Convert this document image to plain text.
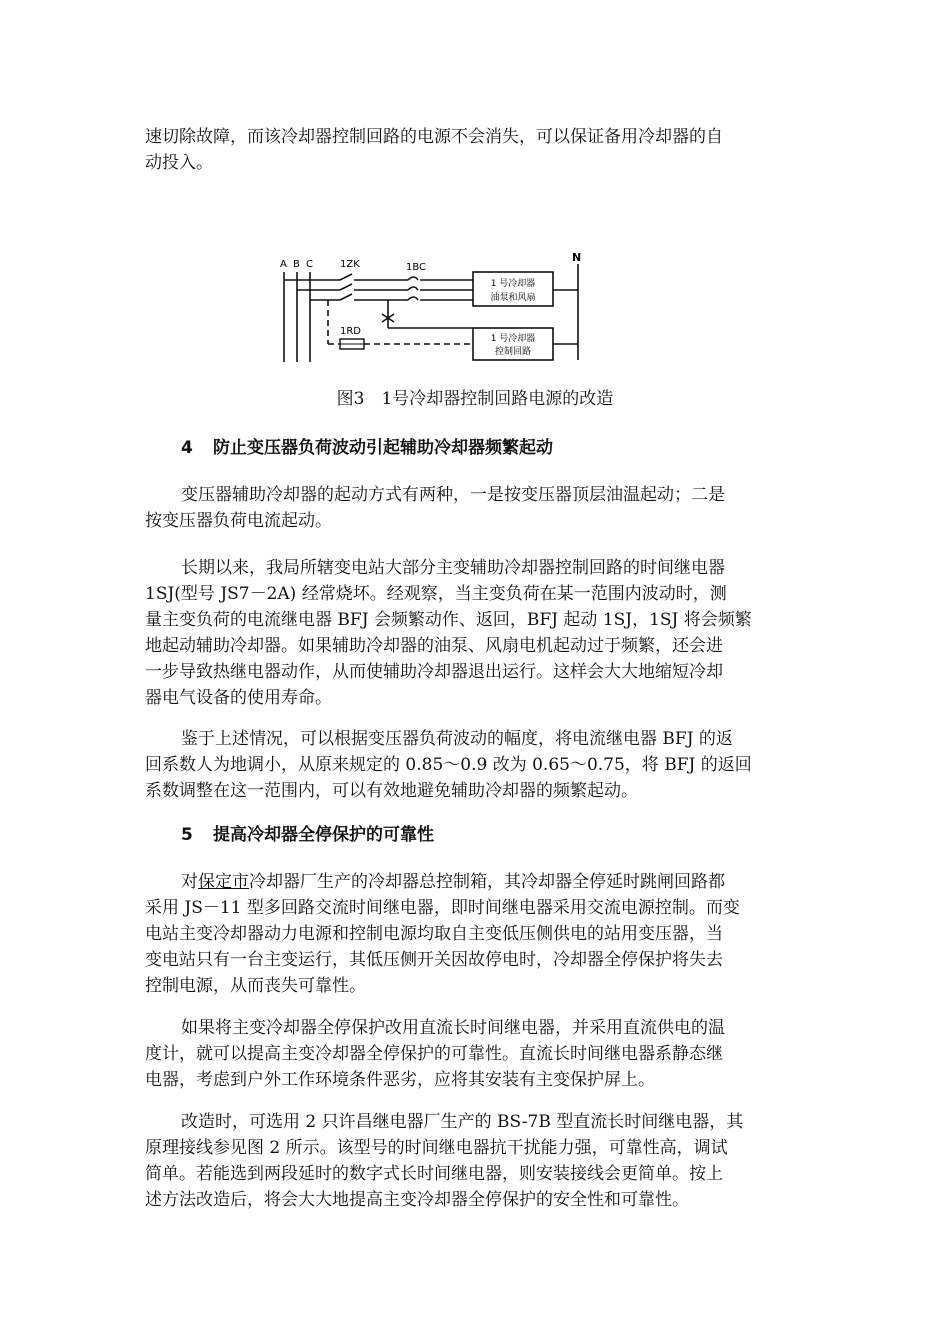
速切除故障，而该冷却器控制回路的电源不会消失，可以保证备用冷却器的自
动投入。

A B C	1ZK	1BC
N
1RD
1 号冷却器
油泵和风扇
1 号冷却器
控制回路
图3　1号冷却器控制回路电源的改造
4 防止变压器负荷波动引起辅助冷却器频繁起动

变压器辅助冷却器的起动方式有两种，一是按变压器顶层油温起动；二是
按变压器负荷电流起动。

长期以来，我局所辖变电站大部分主变辅助冷却器控制回路的时间继电器
1SJ(型号 JS7－2A) 经常烧坏。经观察，当主变负荷在某一范围内波动时，测
量主变负荷的电流继电器 BFJ 会频繁动作、返回，BFJ 起动 1SJ，1SJ 将会频繁
地起动辅助冷却器。如果辅助冷却器的油泵、风扇电机起动过于频繁，还会进
一步导致热继电器动作，从而使辅助冷却器退出运行。这样会大大地缩短冷却
器电气设备的使用寿命。

鉴于上述情况，可以根据变压器负荷波动的幅度，将电流继电器 BFJ 的返
回系数人为地调小，从原来规定的 0.85～0.9 改为 0.65～0.75，将 BFJ 的返回
系数调整在这一范围内，可以有效地避免辅助冷却器的频繁起动。

5 提高冷却器全停保护的可靠性

对保定市冷却器厂生产的冷却器总控制箱，其冷却器全停延时跳闸回路都
采用 JS－11 型多回路交流时间继电器，即时间继电器采用交流电源控制。而变
电站主变冷却器动力电源和控制电源均取自主变低压侧供电的站用变压器，当
变电站只有一台主变运行，其低压侧开关因故停电时，冷却器全停保护将失去
控制电源，从而丧失可靠性。

如果将主变冷却器全停保护改用直流长时间继电器，并采用直流供电的温
度计，就可以提高主变冷却器全停保护的可靠性。直流长时间继电器系静态继
电器，考虑到户外工作环境条件恶劣，应将其安装有主变保护屏上。

改造时，可选用 2 只许昌继电器厂生产的 BS-7B 型直流长时间继电器，其
原理接线参见图 2 所示。该型号的时间继电器抗干扰能力强，可靠性高，调试
简单。若能选到两段延时的数字式长时间继电器，则安装接线会更简单。按上
述方法改造后，将会大大地提高主变冷却器全停保护的安全性和可靠性。
